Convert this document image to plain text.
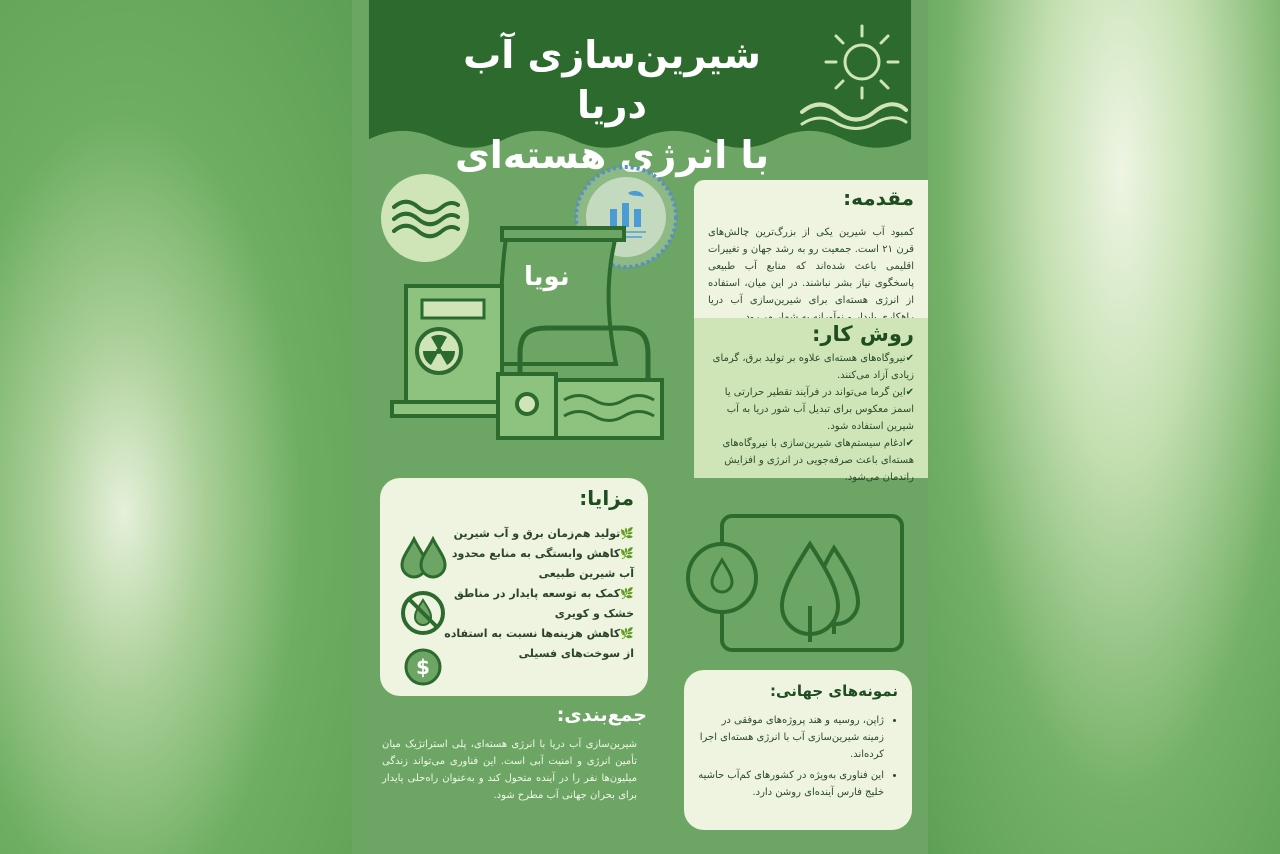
شیرین‌سازی آب دریا
با انرژی هسته‌ای
نویا
مقدمه:

کمبود آب شیرین یکی از بزرگ‌ترین چالش‌های قرن ۲۱ است. جمعیت رو به رشد جهان و تغییرات اقلیمی باعث شده‌اند که منابع آب طبیعی پاسخگوی نیاز بشر نباشند. در این میان، استفاده از انرژی هسته‌ای برای شیرین‌سازی آب دریا

روش کار:
✔نیروگاه‌های هسته‌ای علاوه بر تولید برق، گرمای زیادی آزاد می‌کنند.
✔این گرما می‌تواند در فرآیند تقطیر حرارتی یا اسمز معکوس برای تبدیل آب شور دریا به آب شیرین استفاده شود.
✔ادغام سیستم‌های شیرین‌سازی با نیروگاه‌های هسته‌ای باعث صرفه‌جویی در انرژی و افزایش راندمان می‌شود.
مزایا:
🌿تولید هم‌زمان برق و آب شیرین
🌿کاهش وابستگی به منابع محدود آب شیرین طبیعی
🌿کمک به توسعه پایدار در مناطق خشک و کویری
🌿کاهش هزینه‌ها نسبت به استفاده از سوخت‌های فسیلی
$
جمع‌بندی:
شیرین‌سازی آب دریا با انرژی هسته‌ای، پلی استراتژیک میان تأمین انرژی و امنیت آبی است. این فناوری می‌تواند زندگی میلیون‌ها نفر را در آینده متحول کند و به‌عنوان راه‌حلی پایدار برای بحران جهانی آب مطرح شود.
نمونه‌های جهانی:
• ژاپن، روسیه و هند پروژه‌های موفقی در زمینه شیرین‌سازی آب با انرژی هسته‌ای اجرا کرده‌اند.
• این فناوری به‌ویژه در کشورهای کم‌آب حاشیه خلیج فارس آینده‌ای روشن دارد.
